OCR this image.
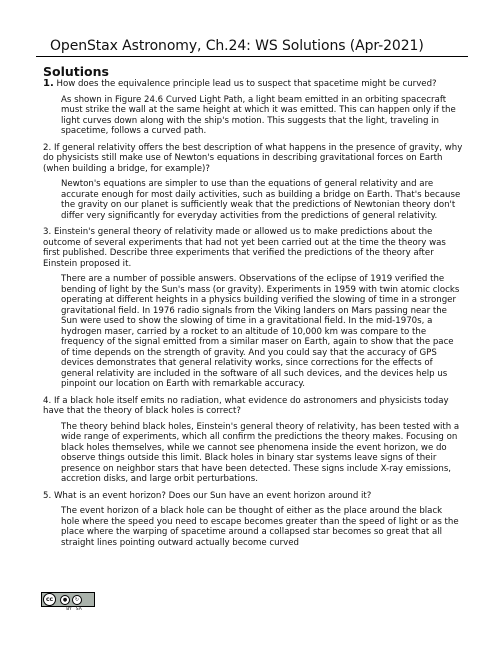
OpenStax Astronomy, Ch.24: WS Solutions (Apr-2021)
Solutions
1. How does the equivalence principle lead us to suspect that spacetime might be curved?
As shown in Figure 24.6 Curved Light Path, a light beam emitted in an orbiting spacecraft must strike the wall at the same height at which it was emitted. This can happen only if the light curves down along with the ship's motion. This suggests that the light, traveling in spacetime, follows a curved path.
2. If general relativity offers the best description of what happens in the presence of gravity, why do physicists still make use of Newton's equations in describing gravitational forces on Earth (when building a bridge, for example)?
Newton's equations are simpler to use than the equations of general relativity and are accurate enough for most daily activities, such as building a bridge on Earth. That's because the gravity on our planet is sufficiently weak that the predictions of Newtonian theory don't differ very significantly for everyday activities from the predictions of general relativity.
3. Einstein's general theory of relativity made or allowed us to make predictions about the outcome of several experiments that had not yet been carried out at the time the theory was first published. Describe three experiments that verified the predictions of the theory after Einstein proposed it.
There are a number of possible answers. Observations of the eclipse of 1919 verified the bending of light by the Sun's mass (or gravity). Experiments in 1959 with twin atomic clocks operating at different heights in a physics building verified the slowing of time in a stronger gravitational field. In 1976 radio signals from the Viking landers on Mars passing near the Sun were used to show the slowing of time in a gravitational field. In the mid-1970s, a hydrogen maser, carried by a rocket to an altitude of 10,000 km was compare to the frequency of the signal emitted from a similar maser on Earth, again to show that the pace of time depends on the strength of gravity. And you could say that the accuracy of GPS devices demonstrates that general relativity works, since corrections for the effects of general relativity are included in the software of all such devices, and the devices help us pinpoint our location on Earth with remarkable accuracy.
4. If a black hole itself emits no radiation, what evidence do astronomers and physicists today have that the theory of black holes is correct?
The theory behind black holes, Einstein's general theory of relativity, has been tested with a wide range of experiments, which all confirm the predictions the theory makes. Focusing on black holes themselves, while we cannot see phenomena inside the event horizon, we do observe things outside this limit. Black holes in binary star systems leave signs of their presence on neighbor stars that have been detected. These signs include X-ray emissions, accretion disks, and large orbit perturbations.
5. What is an event horizon? Does our Sun have an event horizon around it?
The event horizon of a black hole can be thought of either as the place around the black hole where the speed you need to escape becomes greater than the speed of light or as the place where the warping of spacetime around a collapsed star becomes so great that all straight lines pointing outward actually become curved
cc	●	↻
BY SA
